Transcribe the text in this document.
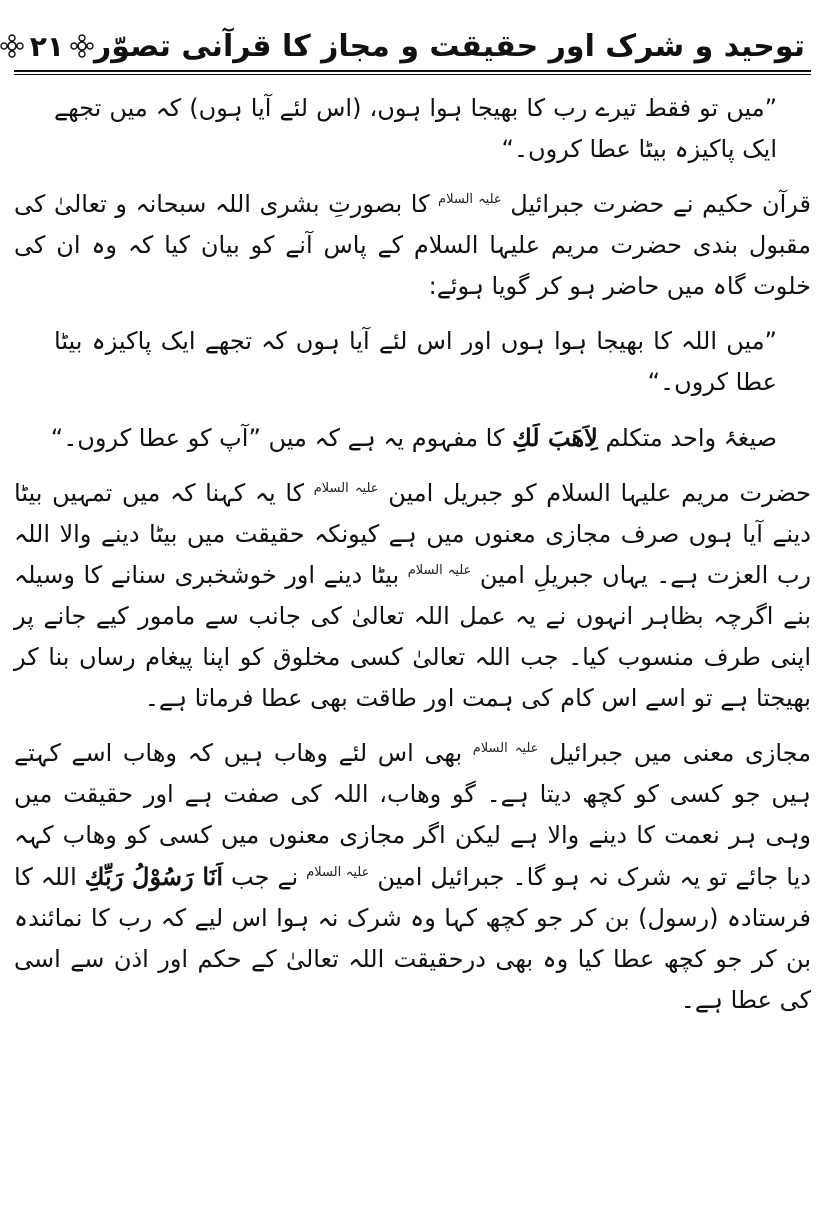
توحید و شرک اور حقیقت و مجاز کا قرآنی تصوّر
۲۱

”میں تو فقط تیرے رب کا بھیجا ہوا ہوں، (اس لئے آیا ہوں) کہ میں تجھے ایک پاکیزہ بیٹا عطا کروں۔“

قرآن حکیم نے حضرت جبرائیل $^{علیہ السلام}$ کا بصورتِ بشری اللہ سبحانہ و تعالیٰ کی مقبول بندی حضرت مریم علیہا السلام کے پاس آنے کو بیان کیا کہ وہ ان کی خلوت گاہ میں حاضر ہو کر گویا ہوئے:

”میں اللہ کا بھیجا ہوا ہوں اور اس لئے آیا ہوں کہ تجھے ایک پاکیزہ بیٹا عطا کروں۔“

صیغۂ واحد متکلم لِاَهَبَ لَكِ کا مفہوم یہ ہے کہ میں ”آپ کو عطا کروں۔“

حضرت مریم علیہا السلام کو جبریل امین $^{علیہ السلام}$ کا یہ کہنا کہ میں تمہیں بیٹا دینے آیا ہوں صرف مجازی معنوں میں ہے کیونکہ حقیقت میں بیٹا دینے والا اللہ رب العزت ہے۔ یہاں جبریلِ امین $^{علیہ السلام}$ بیٹا دینے اور خوشخبری سنانے کا وسیلہ بنے اگرچہ بظاہر انہوں نے یہ عمل اللہ تعالیٰ کی جانب سے مامور کیے جانے پر اپنی طرف منسوب کیا۔ جب اللہ تعالیٰ کسی مخلوق کو اپنا پیغام رساں بنا کر بھیجتا ہے تو اسے اس کام کی ہمت اور طاقت بھی عطا فرماتا ہے۔

مجازی معنی میں جبرائیل $^{علیہ السلام}$ بھی اس لئے وھاب ہیں کہ وھاب اسے کہتے ہیں جو کسی کو کچھ دیتا ہے۔ گو وھاب، اللہ کی صفت ہے اور حقیقت میں وہی ہر نعمت کا دینے والا ہے لیکن اگر مجازی معنوں میں کسی کو وھاب کہہ دیا جائے تو یہ شرک نہ ہو گا۔ جبرائیل امین $^{علیہ السلام}$ نے جب اَنَا رَسُوْلُ رَبِّكِ اللہ کا فرستادہ (رسول) بن کر جو کچھ کہا وہ شرک نہ ہوا اس لیے کہ رب کا نمائندہ بن کر جو کچھ عطا کیا وہ بھی درحقیقت اللہ تعالیٰ کے حکم اور اذن سے اسی کی عطا ہے۔
